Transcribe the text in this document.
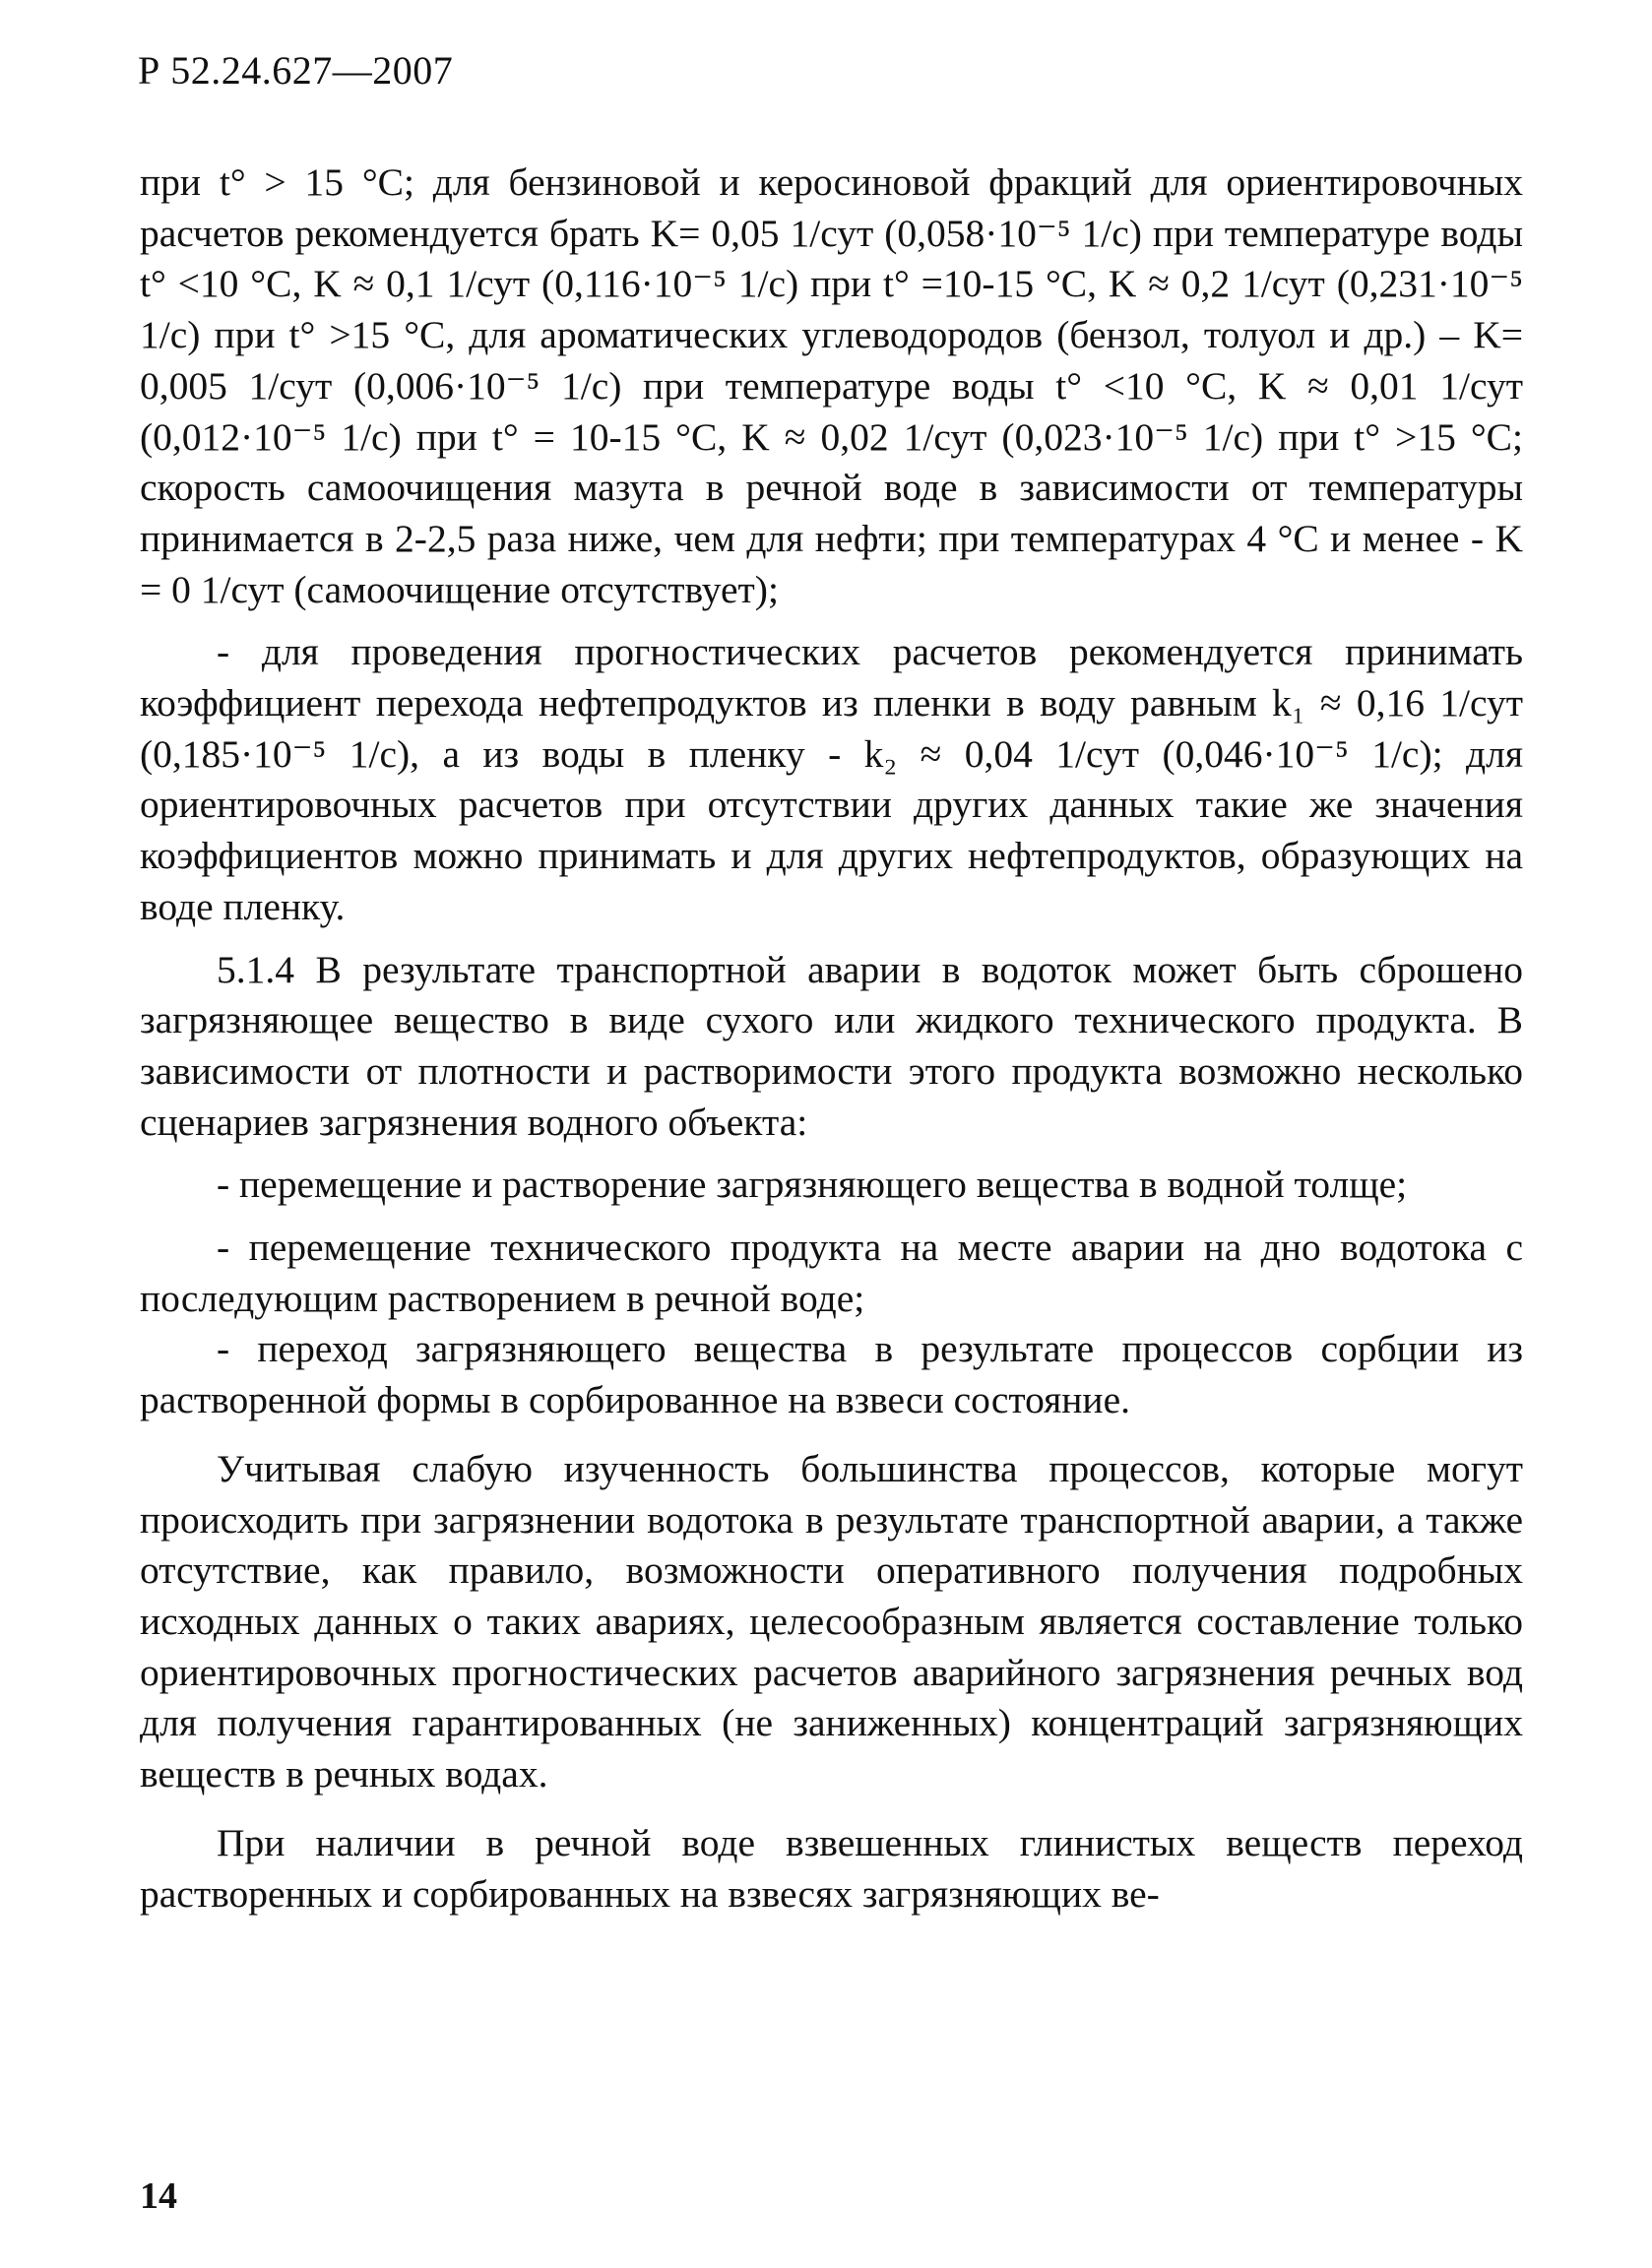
Р 52.24.627—2007

при t° > 15 °С; для бензиновой и керосиновой фракций для ориентировочных расчетов рекомендуется брать K= 0,05 1/сут (0,058·10⁻⁵ 1/с) при температуре воды t° <10 °С, K ≈ 0,1 1/сут (0,116·10⁻⁵ 1/с) при t° =10-15 °С, K ≈ 0,2 1/сут (0,231·10⁻⁵ 1/с) при t° >15 °С, для ароматических углеводородов (бензол, толуол и др.) – K= 0,005 1/сут (0,006·10⁻⁵ 1/с) при температуре воды t° <10 °С, K ≈ 0,01 1/сут (0,012·10⁻⁵ 1/с) при t° = 10-15 °С, K ≈ 0,02 1/сут (0,023·10⁻⁵ 1/с) при t° >15 °С; скорость самоочищения мазута в речной воде в зависимости от температуры принимается в 2-2,5 раза ниже, чем для нефти; при температурах 4 °С и менее - K = 0 1/сут (самоочищение отсутствует);

- для проведения прогностических расчетов рекомендуется принимать коэффициент перехода нефтепродуктов из пленки в воду равным k₁ ≈ 0,16 1/сут (0,185·10⁻⁵ 1/с), а из воды в пленку - k₂ ≈ 0,04 1/сут (0,046·10⁻⁵ 1/с); для ориентировочных расчетов при отсутствии других данных такие же значения коэффициентов можно принимать и для других нефтепродуктов, образующих на воде пленку.

5.1.4 В результате транспортной аварии в водоток может быть сброшено загрязняющее вещество в виде сухого или жидкого технического продукта. В зависимости от плотности и растворимости этого продукта возможно несколько сценариев загрязнения водного объекта:

- перемещение и растворение загрязняющего вещества в водной толще;

- перемещение технического продукта на месте аварии на дно водотока с последующим растворением в речной воде;

- переход загрязняющего вещества в результате процессов сорбции из растворенной формы в сорбированное на взвеси состояние.

Учитывая слабую изученность большинства процессов, которые могут происходить при загрязнении водотока в результате транспортной аварии, а также отсутствие, как правило, возможности оперативного получения подробных исходных данных о таких авариях, целесообразным является составление только ориентировочных прогностических расчетов аварийного загрязнения речных вод для получения гарантированных (не заниженных) концентраций загрязняющих веществ в речных водах.

При наличии в речной воде взвешенных глинистых веществ переход растворенных и сорбированных на взвесях загрязняющих ве-

14
